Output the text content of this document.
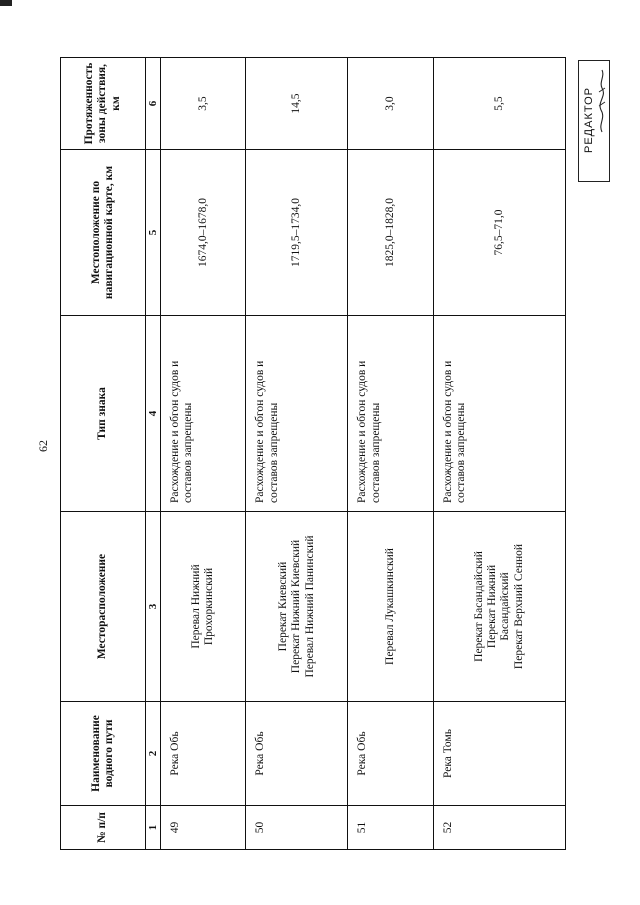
62
№ п/п	Наименование водного пути	Месторасположение	Тип знака	Местоположение по навигационной карте, км	Протяженность зоны действия, км
1	2	3	4	5	6
49	Река Обь	Перевал Нижний Прохоркинский	Расхождение и обгон судов и составов запрещены	1674,0–1678,0	3,5
50	Река Обь	Перекат Киевский Перекат Нижний Киевский Перевал Нижний Панинский	Расхождение и обгон судов и составов запрещены	1719,5–1734,0	14,5
51	Река Обь	Перевал Лукашкинский	Расхождение и обгон судов и составов запрещены	1825,0–1828,0	3,0
52	Река Томь	Перекат Басандайский Перекат Нижний Басандайский Перекат Верхний Сенной	Расхождение и обгон судов и составов запрещены	76,5–71,0	5,5	РЕДАКТОР
